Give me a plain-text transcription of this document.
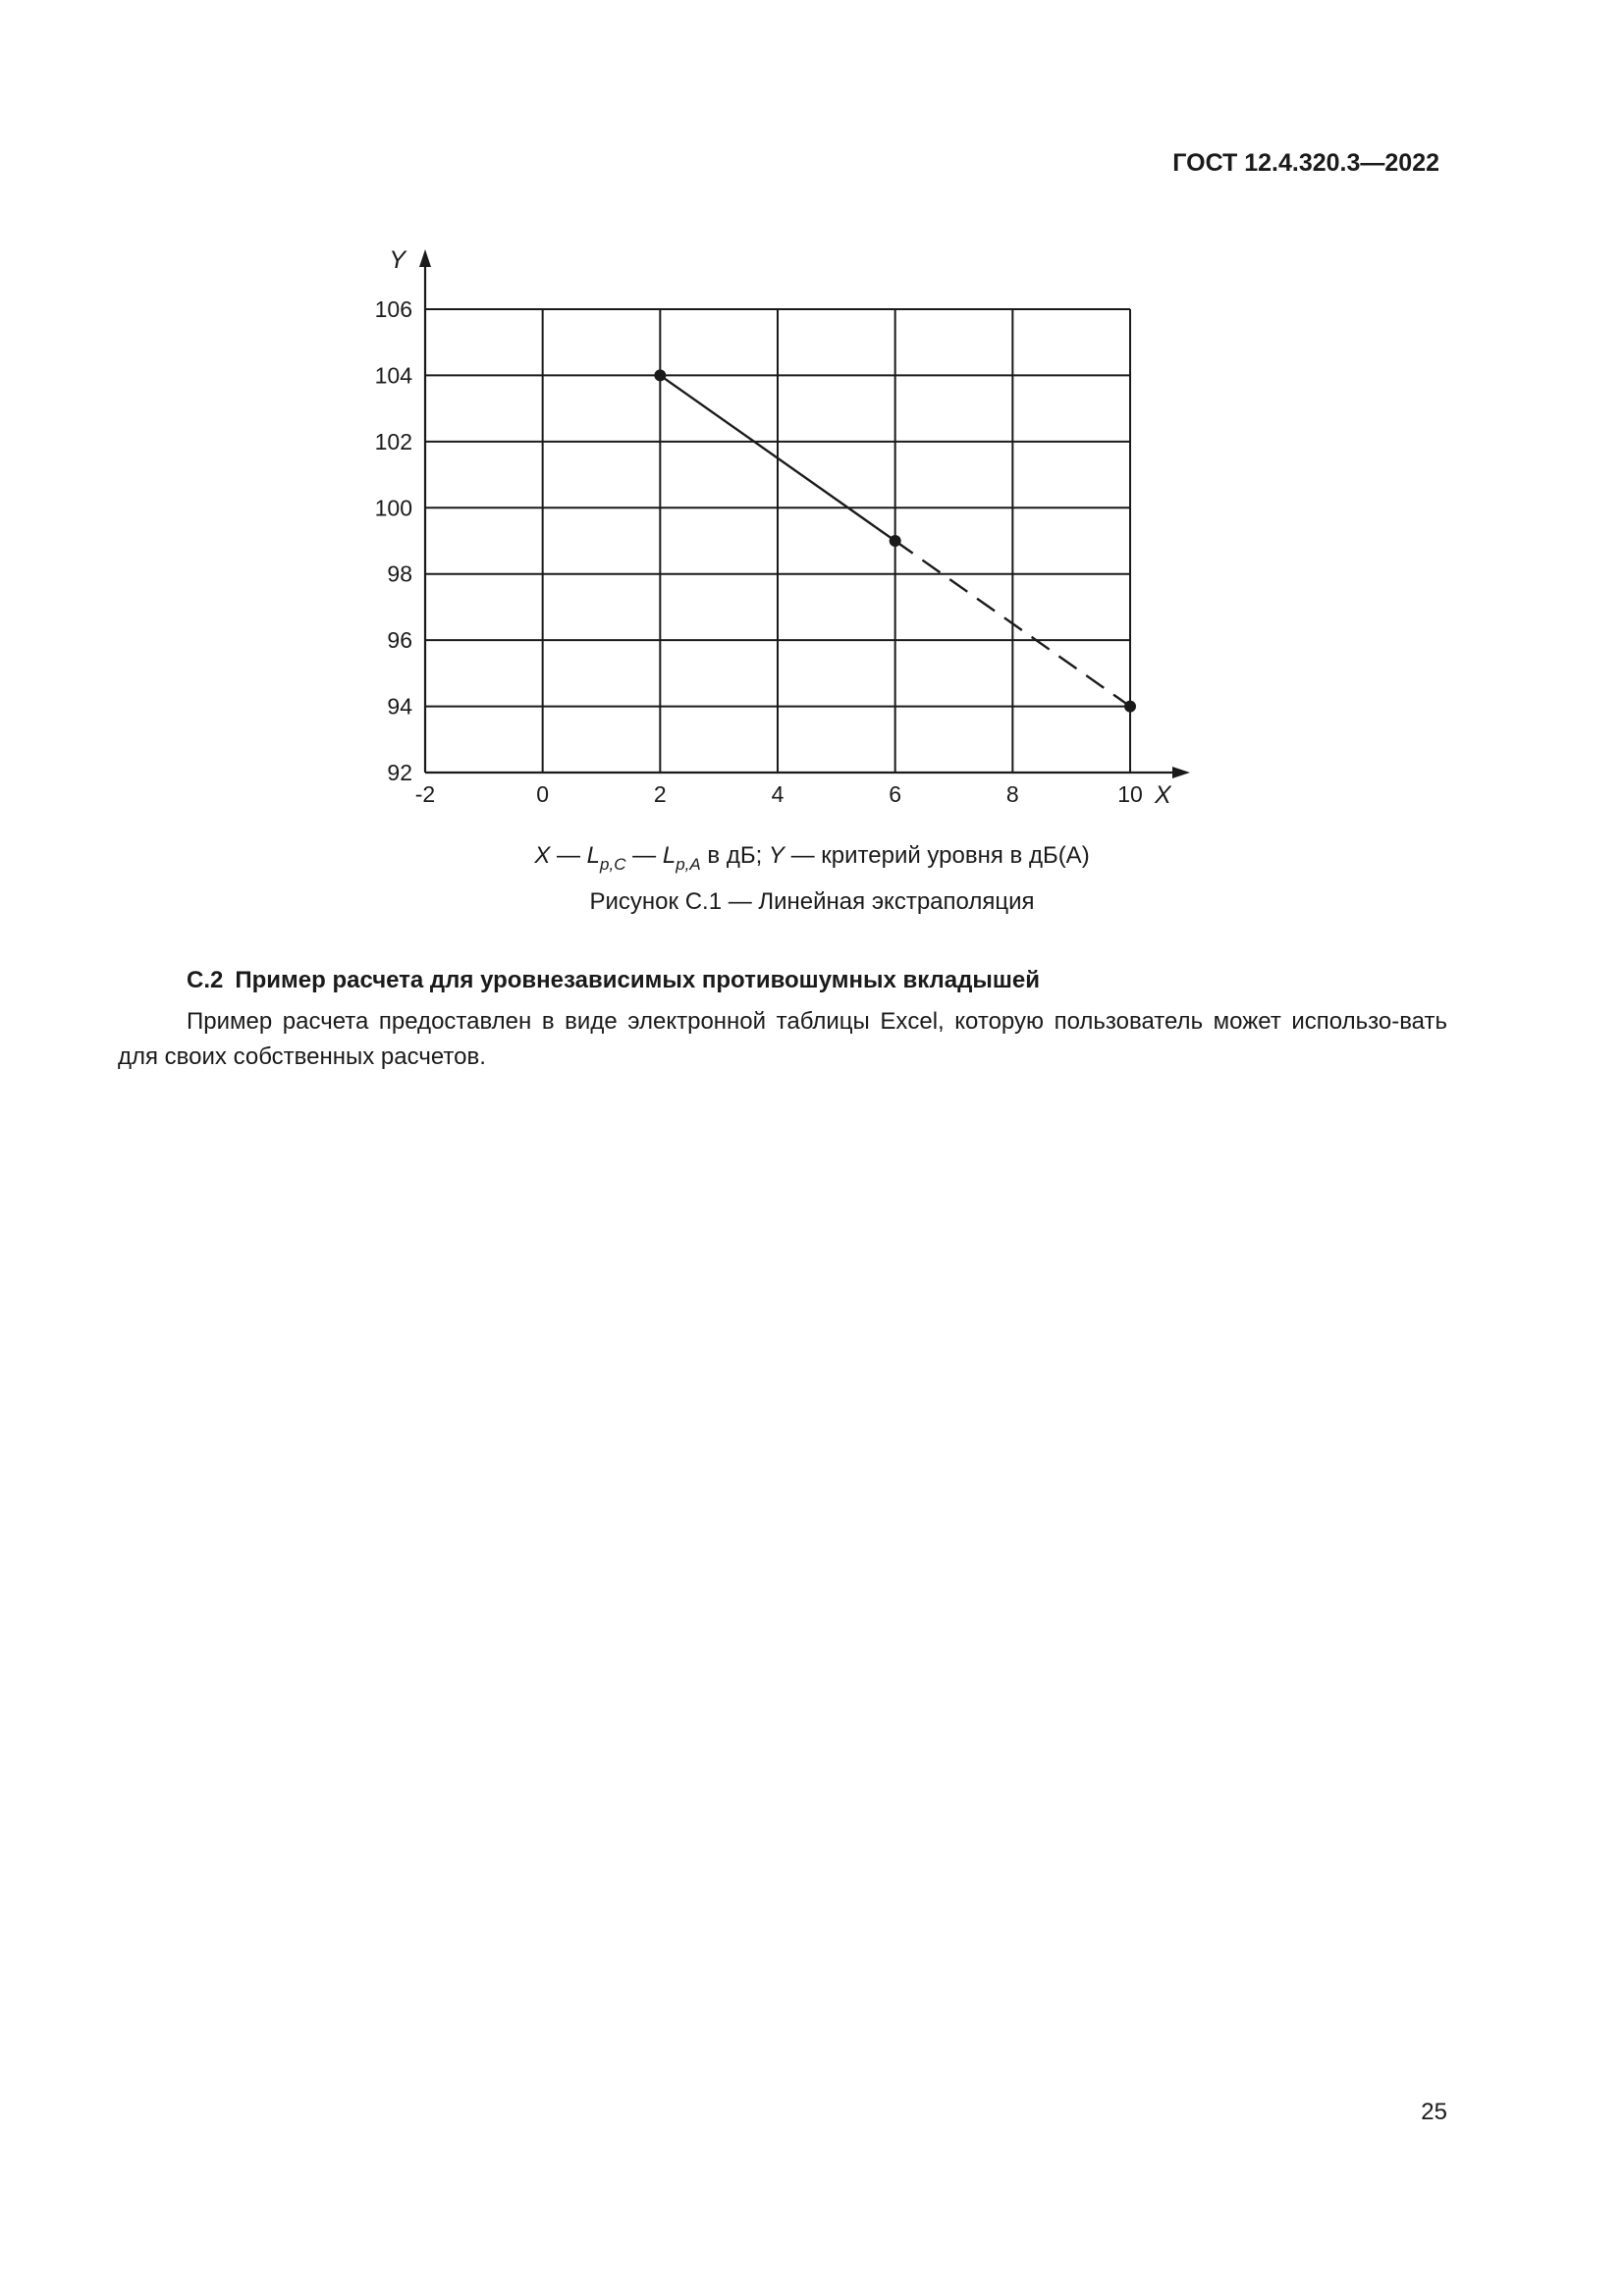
ГОСТ 12.4.320.3—2022
92
94
96
98
100
102
104
106
-2	0	2	4	6	8	10
Y
X
X — $L_{p,C}$ — $L_{p,A}$ в дБ; Y — критерий уровня в дБ(А)
Рисунок С.1 — Линейная экстраполяция
С.2 Пример расчета для уровнезависимых противошумных вкладышей
Пример расчета предоставлен в виде электронной таблицы Excel, которую пользователь может использо-вать для своих собственных расчетов.
25
